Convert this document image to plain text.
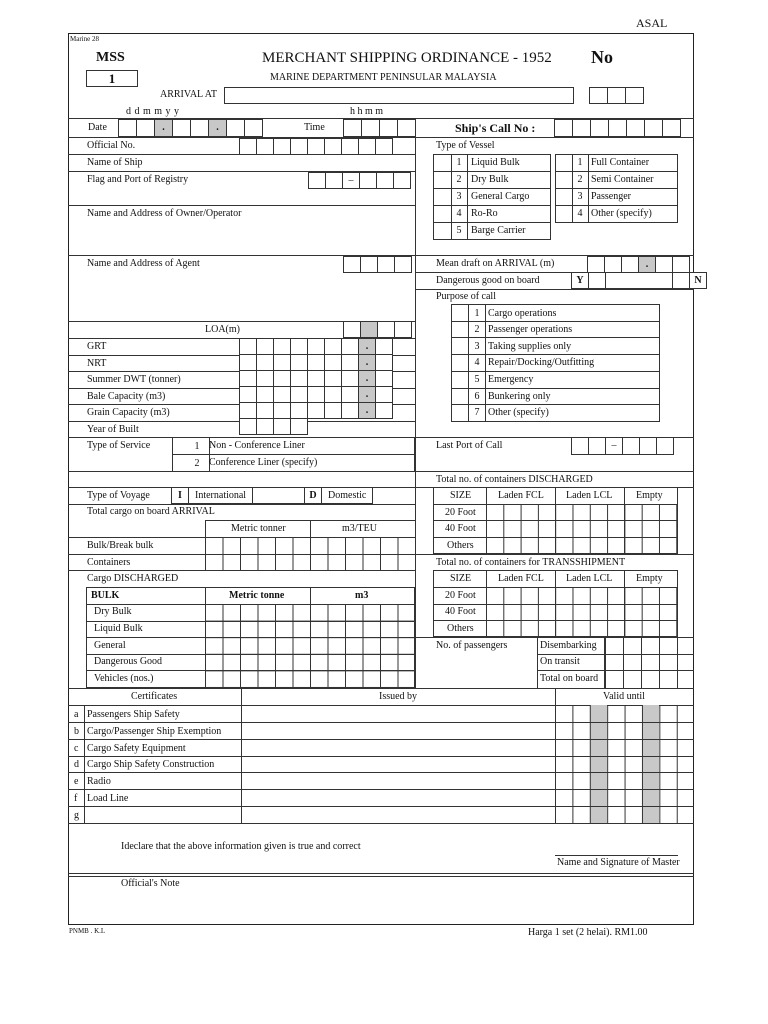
ASAL
Marine 28
MSS
1
MERCHANT SHIPPING ORDINANCE - 1952 No
MARINE DEPARTMENT PENINSULAR MALAYSIA
ARRIVAL AT
d d m m y y	h h m m
Date	.	.	Time	Ship's Call No :
Official No.
Name of Ship
Flag and Port of Registry	–
Name and Address of Owner/Operator
Name and Address of Agent
LOA(m)
GRT
NRT
Summer DWT (tonner)
Bale Capacity (m3)
Grain Capacity (m3)
Year of Built
.
.
.
.
.
Type of Service	1 Non - Conference Liner
2 Conference Liner (specify)
Type of Voyage	I	International	D	Domestic
Total cargo on board ARRIVAL
Metric tonner	m3/TEU
Bulk/Break bulk
Containers
Cargo DISCHARGED
BULK	Metric tonne	m3
Dry Bulk
Liquid Bulk
General
Dangerous Good
Vehicles (nos.)
Type of Vessel
1 Liquid Bulk
2 Dry Bulk
3 General Cargo
4 Ro-Ro
5 Barge Carrier
1 Full Container
2 Semi Container
3 Passenger
4 Other (specify)
Mean draft on ARRIVAL (m)	.
Dangerous good on board	Y	N
Purpose of call
1 Cargo operations
2 Passenger operations
3 Taking supplies only
4 Repair/Docking/Outfitting
5 Emergency
6 Bunkering only
7 Other (specify)
Last Port of Call	–
Total no. of containers DISCHARGED
SIZE	Laden FCL Laden LCL Empty
20 Foot
40 Foot
Others
Total no. of containers for TRANSSHIPMENT
SIZE	Laden FCL Laden LCL Empty
20 Foot
40 Foot
Others
No. of passengers	Disembarking
On transit
Total on board
Certificates	Issued by	Valid until
a Passengers Ship Safety
b Cargo/Passenger Ship Exemption
c Cargo Safety Equipment
d Cargo Ship Safety Construction
e Radio
f Load Line
g
Ideclare that the above information given is true and correct
Name and Signature of Master
Official's Note
PNMB . K.L	Harga 1 set (2 helai). RM1.00
